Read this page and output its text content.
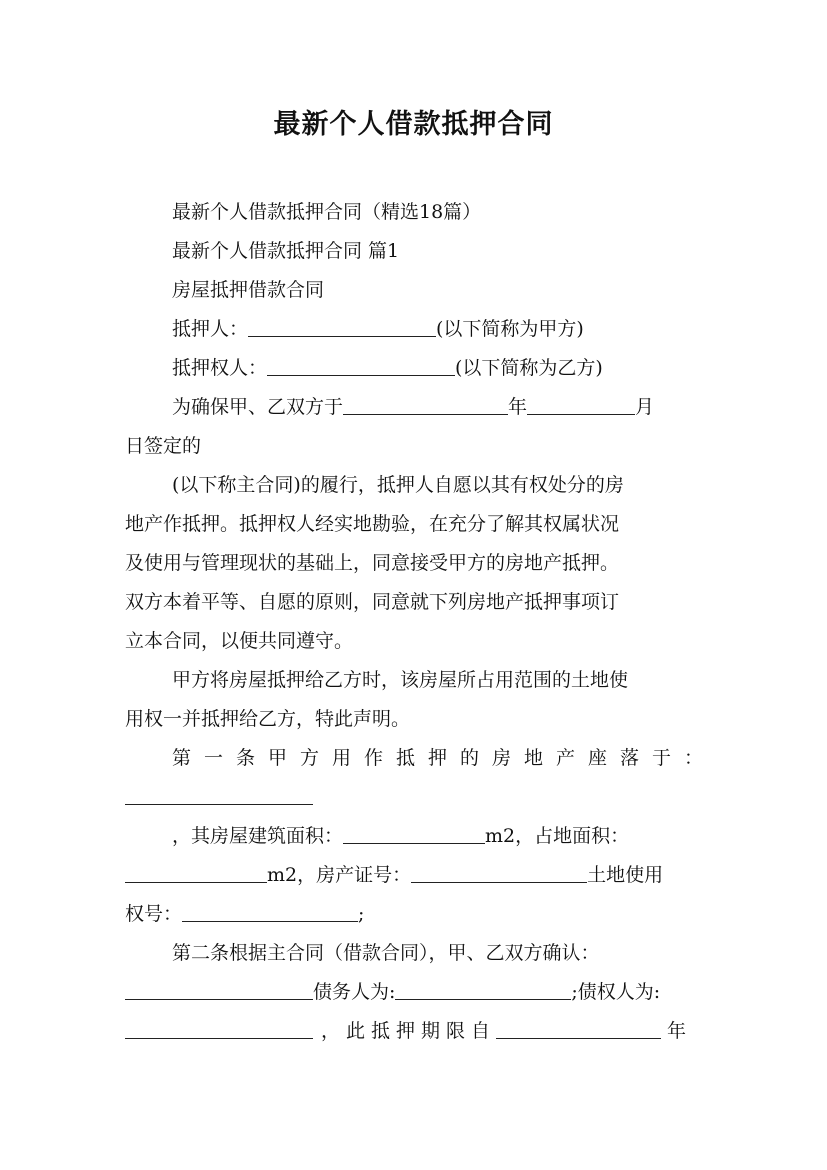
最新个人借款抵押合同
最新个人借款抵押合同（精选18篇）
最新个人借款抵押合同 篇1
房屋抵押借款合同
抵押人：	(以下简称为甲方)
抵押权人：	(以下简称为乙方)
为确保甲、乙双方于	年	月
日签定的
(以下称主合同)的履行，抵押人自愿以其有权处分的房
地产作抵押。抵押权人经实地勘验，在充分了解其权属状况
及使用与管理现状的基础上，同意接受甲方的房地产抵押。
双方本着平等、自愿的原则，同意就下列房地产抵押事项订
立本合同，以便共同遵守。
甲方将房屋抵押给乙方时，该房屋所占用范围的土地使
用权一并抵押给乙方，特此声明。
第一条甲方用作抵押的房地产座落于：
，其房屋建筑面积：	m2，占地面积：
m2，房产证号：	土地使用
权号：	;
第二条根据主合同（借款合同），甲、乙双方确认：
债务人为:	;债权人为:
，此抵押期限自	年
